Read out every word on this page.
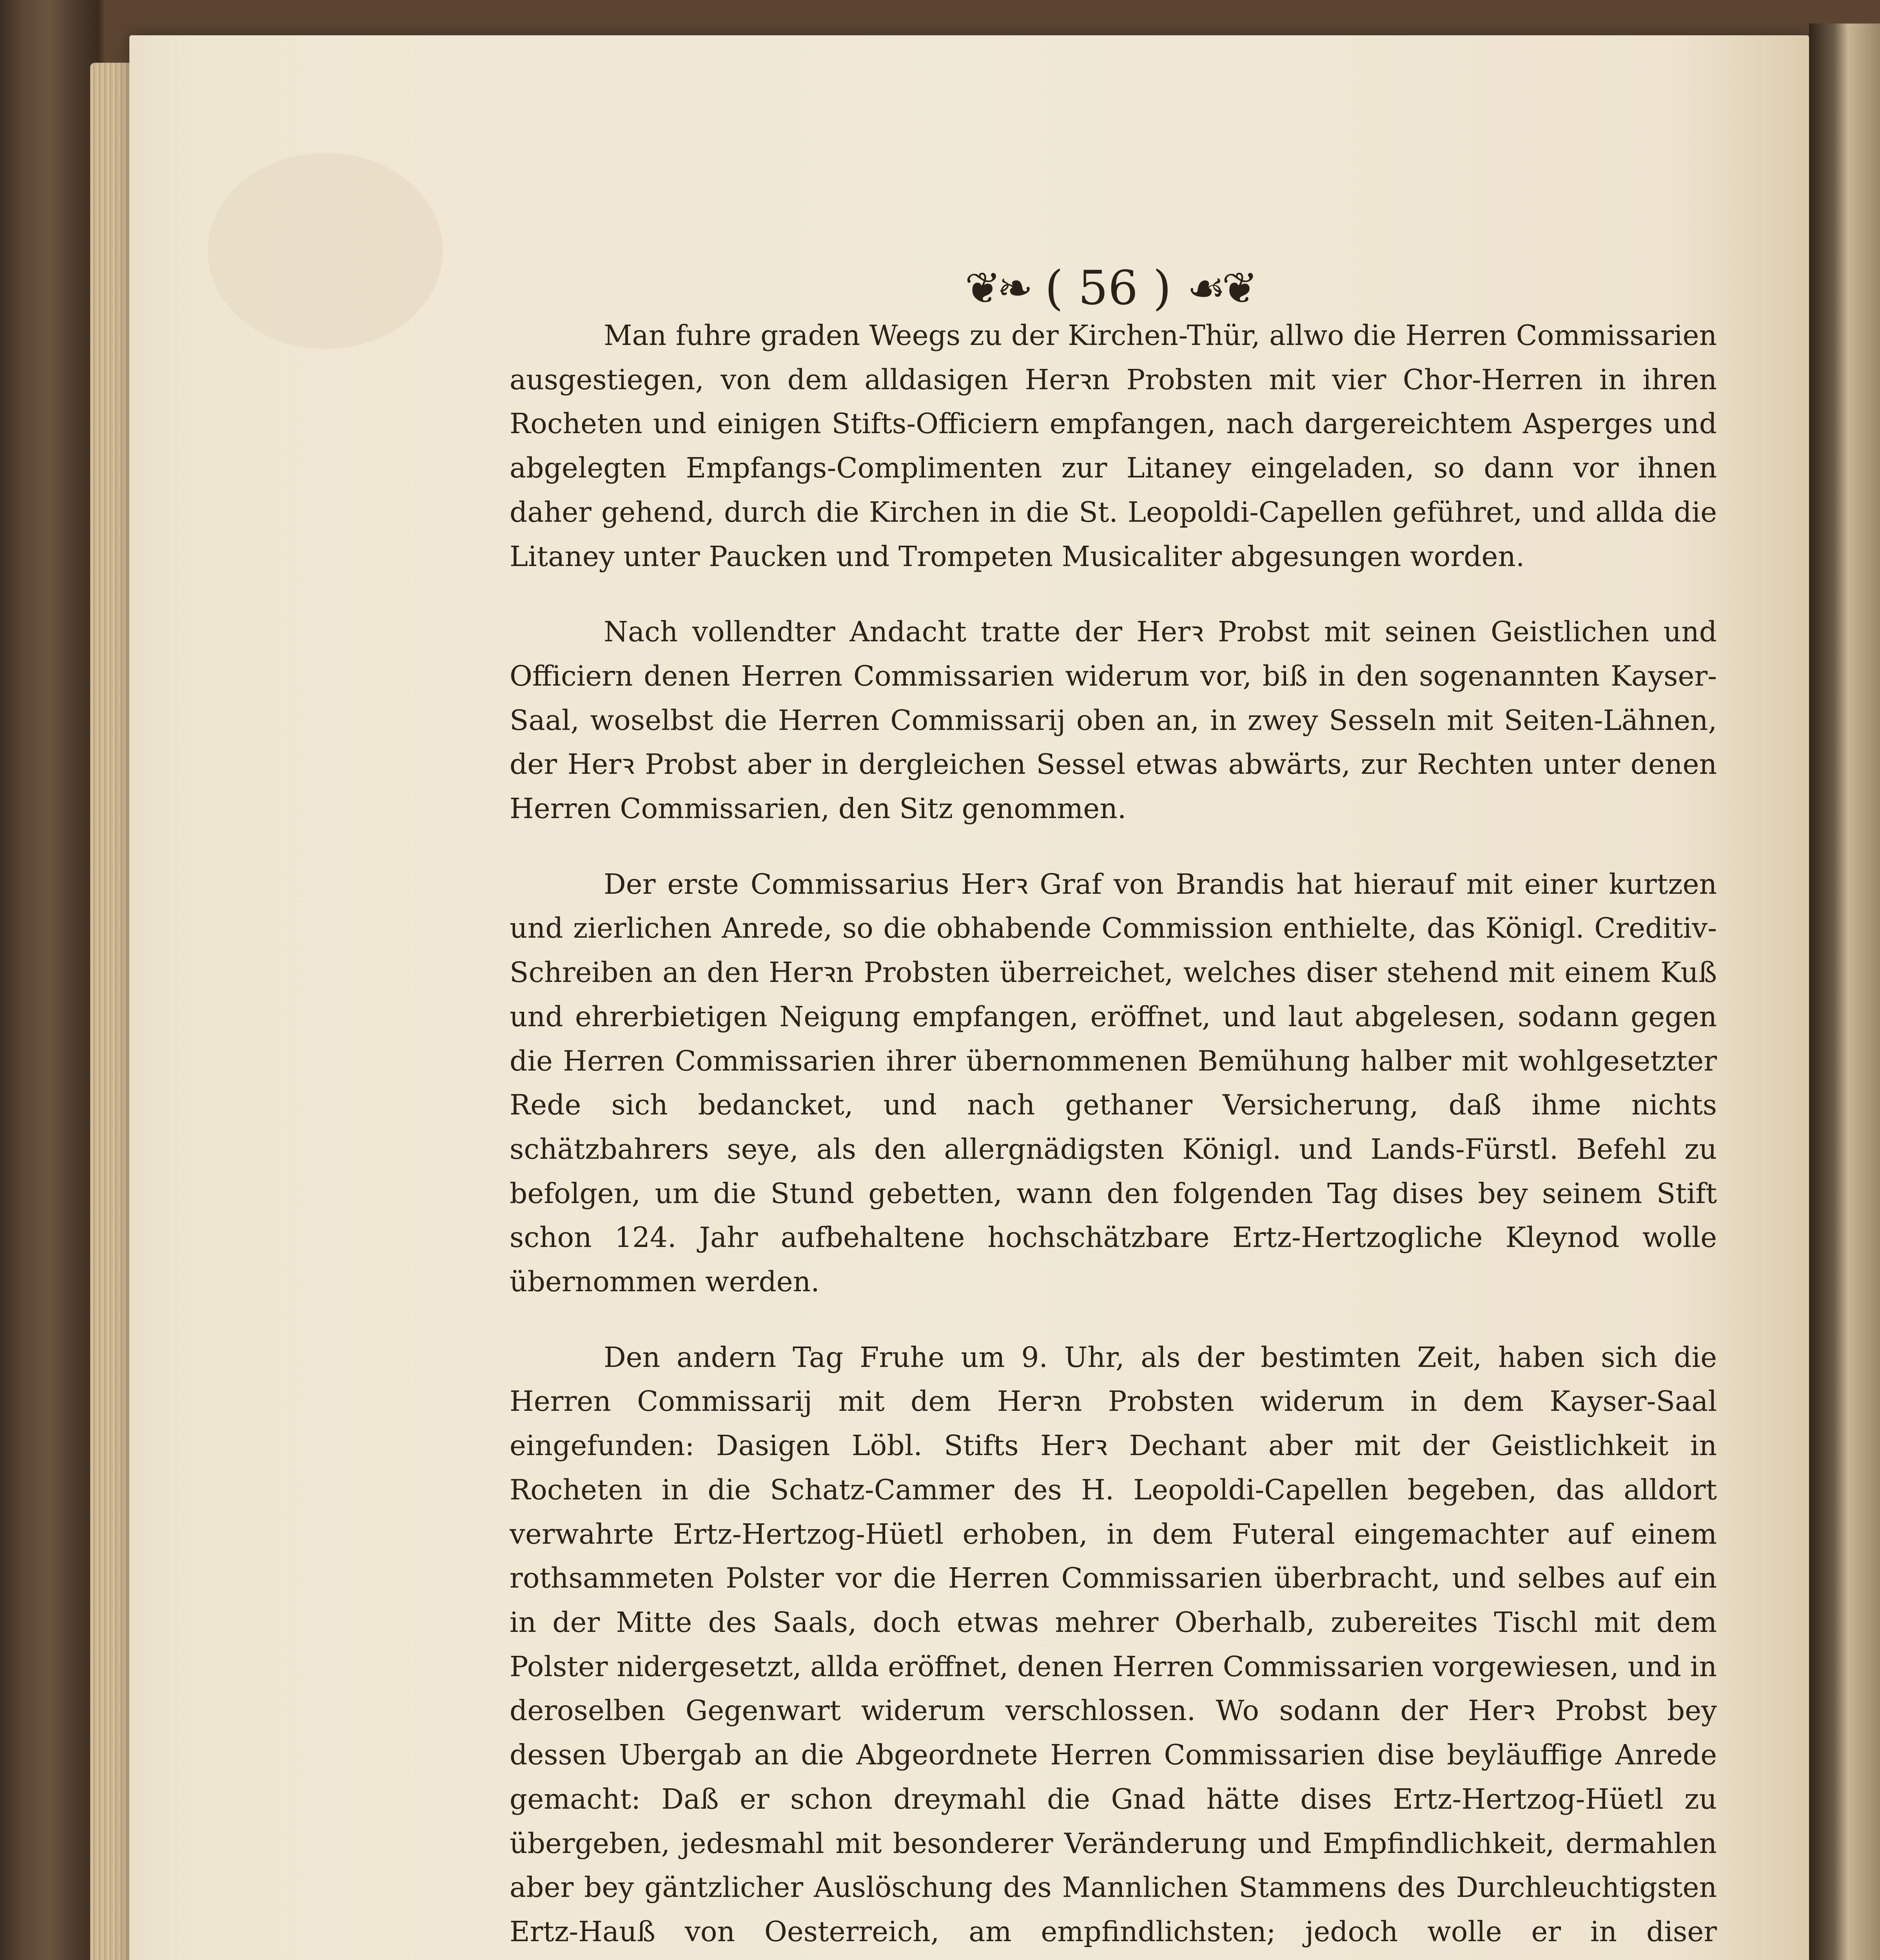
❦❧ ( 56 ) ☙❦

Man fuhre graden Weegs zu der Kirchen-Thür, allwo die Herren Commissarien ausgestiegen, von dem alldasigen Herꝛn Probsten mit vier Chor-Herren in ihren Rocheten und einigen Stifts-Officiern empfangen, nach dargereichtem Asperges und abgelegten Empfangs-Complimenten zur Litaney eingeladen, so dann vor ihnen daher gehend, durch die Kirchen in die St. Leopoldi-Capellen geführet, und allda die Litaney unter Paucken und Trompeten Musicaliter abgesungen worden.

Nach vollendter Andacht tratte der Herꝛ Probst mit seinen Geistlichen und Officiern denen Herren Commissarien widerum vor, biß in den sogenannten Kayser-Saal, woselbst die Herren Commissarij oben an, in zwey Sesseln mit Seiten-Lähnen, der Herꝛ Probst aber in dergleichen Sessel etwas abwärts, zur Rechten unter denen Herren Commissarien, den Sitz genommen.

Der erste Commissarius Herꝛ Graf von Brandis hat hierauf mit einer kurtzen und zierlichen Anrede, so die obhabende Commission enthielte, das Königl. Creditiv-Schreiben an den Herꝛn Probsten überreichet, welches diser stehend mit einem Kuß und ehrerbietigen Neigung empfangen, eröffnet, und laut abgelesen, sodann gegen die Herren Commissarien ihrer übernommenen Bemühung halber mit wohlgesetzter Rede sich bedancket, und nach gethaner Versicherung, daß ihme nichts schätzbahrers seye, als den allergnädigsten Königl. und Lands-Fürstl. Befehl zu befolgen, um die Stund gebetten, wann den folgenden Tag dises bey seinem Stift schon 124. Jahr aufbehaltene hochschätzbare Ertz-Hertzogliche Kleynod wolle übernommen werden.

Den andern Tag Fruhe um 9. Uhr, als der bestimten Zeit, haben sich die Herren Commissarij mit dem Herꝛn Probsten widerum in dem Kayser-Saal eingefunden: Dasigen Löbl. Stifts Herꝛ Dechant aber mit der Geistlichkeit in Rocheten in die Schatz-Cammer des H. Leopoldi-Capellen begeben, das alldort verwahrte Ertz-Hertzog-Hüetl erhoben, in dem Futeral eingemachter auf einem rothsammeten Polster vor die Herren Commissarien überbracht, und selbes auf ein in der Mitte des Saals, doch etwas mehrer Oberhalb, zubereites Tischl mit dem Polster nidergesetzt, allda eröffnet, denen Herren Commissarien vorgewiesen, und in deroselben Gegenwart widerum verschlossen. Wo sodann der Herꝛ Probst bey dessen Ubergab an die Abgeordnete Herren Commissarien dise beyläuffige Anrede gemacht: Daß er schon dreymahl die Gnad hätte dises Ertz-Hertzog-Hüetl zu übergeben, jedesmahl mit besonderer Veränderung und Empfindlichkeit, dermahlen aber bey gäntzlicher Auslöschung des Mannlichen Stammens des Durchleuchtigsten Ertz-Hauß von Oesterreich, am empfindlichsten; jedoch wolle er in diser
